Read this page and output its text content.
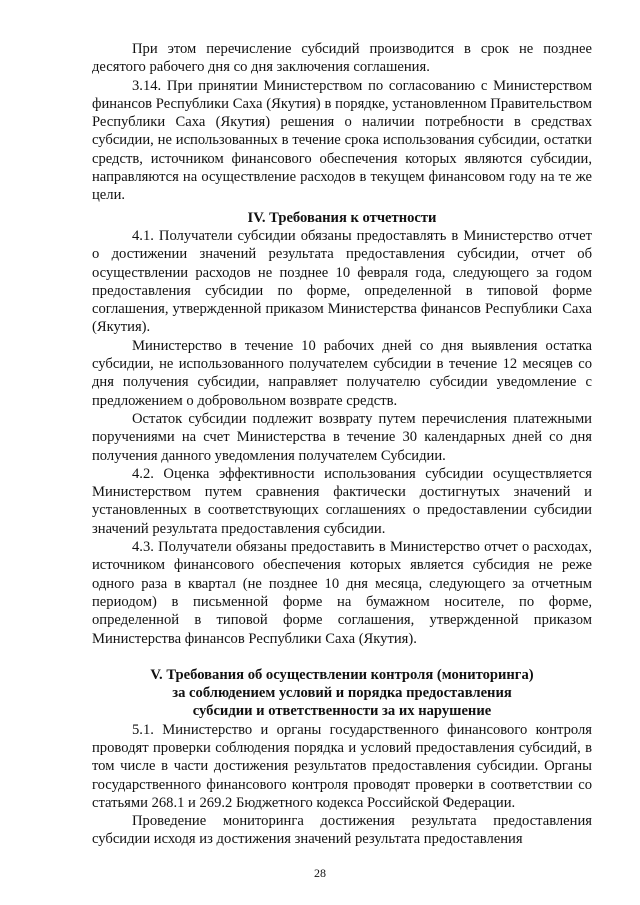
При этом перечисление субсидий производится в срок не позднее десятого рабочего дня со дня заключения соглашения.

3.14. При принятии Министерством по согласованию с Министерством финансов Республики Саха (Якутия) в порядке, установленном Правительством Республики Саха (Якутия) решения о наличии потребности в средствах субсидии, не использованных в течение срока использования субсидии, остатки средств, источником финансового обеспечения которых являются субсидии, направляются на осуществление расходов в текущем финансовом году на те же цели.

IV. Требования к отчетности

4.1. Получатели субсидии обязаны предоставлять в Министерство отчет о достижении значений результата предоставления субсидии, отчет об осуществлении расходов не позднее 10 февраля года, следующего за годом предоставления субсидии по форме, определенной в типовой форме соглашения, утвержденной приказом Министерства финансов Республики Саха (Якутия).

Министерство в течение 10 рабочих дней со дня выявления остатка субсидии, не использованного получателем субсидии в течение 12 месяцев со дня получения субсидии, направляет получателю субсидии уведомление с предложением о добровольном возврате средств.

Остаток субсидии подлежит возврату путем перечисления платежными поручениями на счет Министерства в течение 30 календарных дней со дня получения данного уведомления получателем Субсидии.

4.2. Оценка эффективности использования субсидии осуществляется Министерством путем сравнения фактически достигнутых значений и установленных в соответствующих соглашениях о предоставлении субсидии значений результата предоставления субсидии.

4.3. Получатели обязаны предоставить в Министерство отчет о расходах, источником финансового обеспечения которых является субсидия не реже одного раза в квартал (не позднее 10 дня месяца, следующего за отчетным периодом) в письменной форме на бумажном носителе, по форме, определенной в типовой форме соглашения, утвержденной приказом Министерства финансов Республики Саха (Якутия).

V. Требования об осуществлении контроля (мониторинга)
за соблюдением условий и порядка предоставления
субсидии и ответственности за их нарушение

5.1. Министерство и органы государственного финансового контроля проводят проверки соблюдения порядка и условий предоставления субсидий, в том числе в части достижения результатов предоставления субсидии. Органы государственного финансового контроля проводят проверки в соответствии со статьями 268.1 и 269.2 Бюджетного кодекса Российской Федерации.

Проведение мониторинга достижения результата предоставления субсидии исходя из достижения значений результата предоставления

28
